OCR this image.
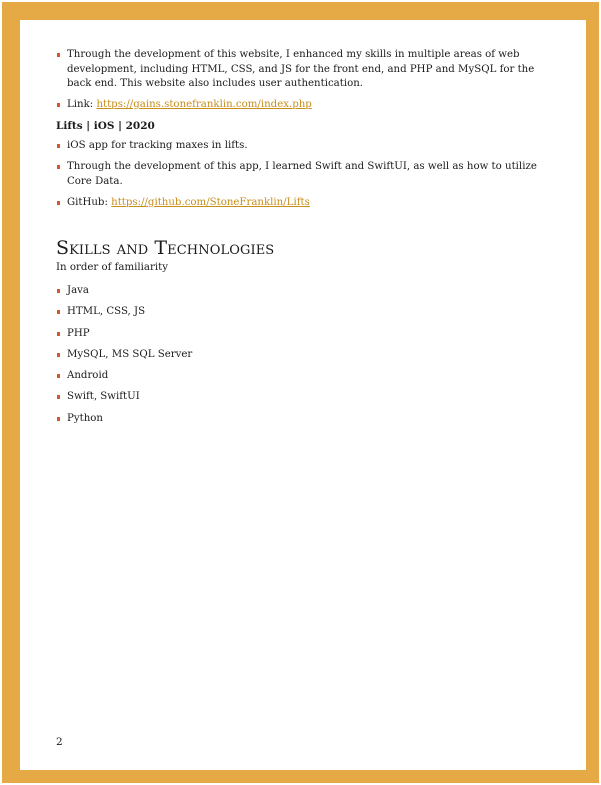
Through the development of this website, I enhanced my skills in multiple areas of web development, including HTML, CSS, and JS for the front end, and PHP and MySQL for the back end. This website also includes user authentication.
Link: https://gains.stonefranklin.com/index.php
Lifts | iOS | 2020
iOS app for tracking maxes in lifts.
Through the development of this app, I learned Swift and SwiftUI, as well as how to utilize Core Data.
GitHub: https://github.com/StoneFranklin/Lifts
Skills and Technologies
In order of familiarity
Java
HTML, CSS, JS
PHP
MySQL, MS SQL Server
Android
Swift, SwiftUI
Python
2
